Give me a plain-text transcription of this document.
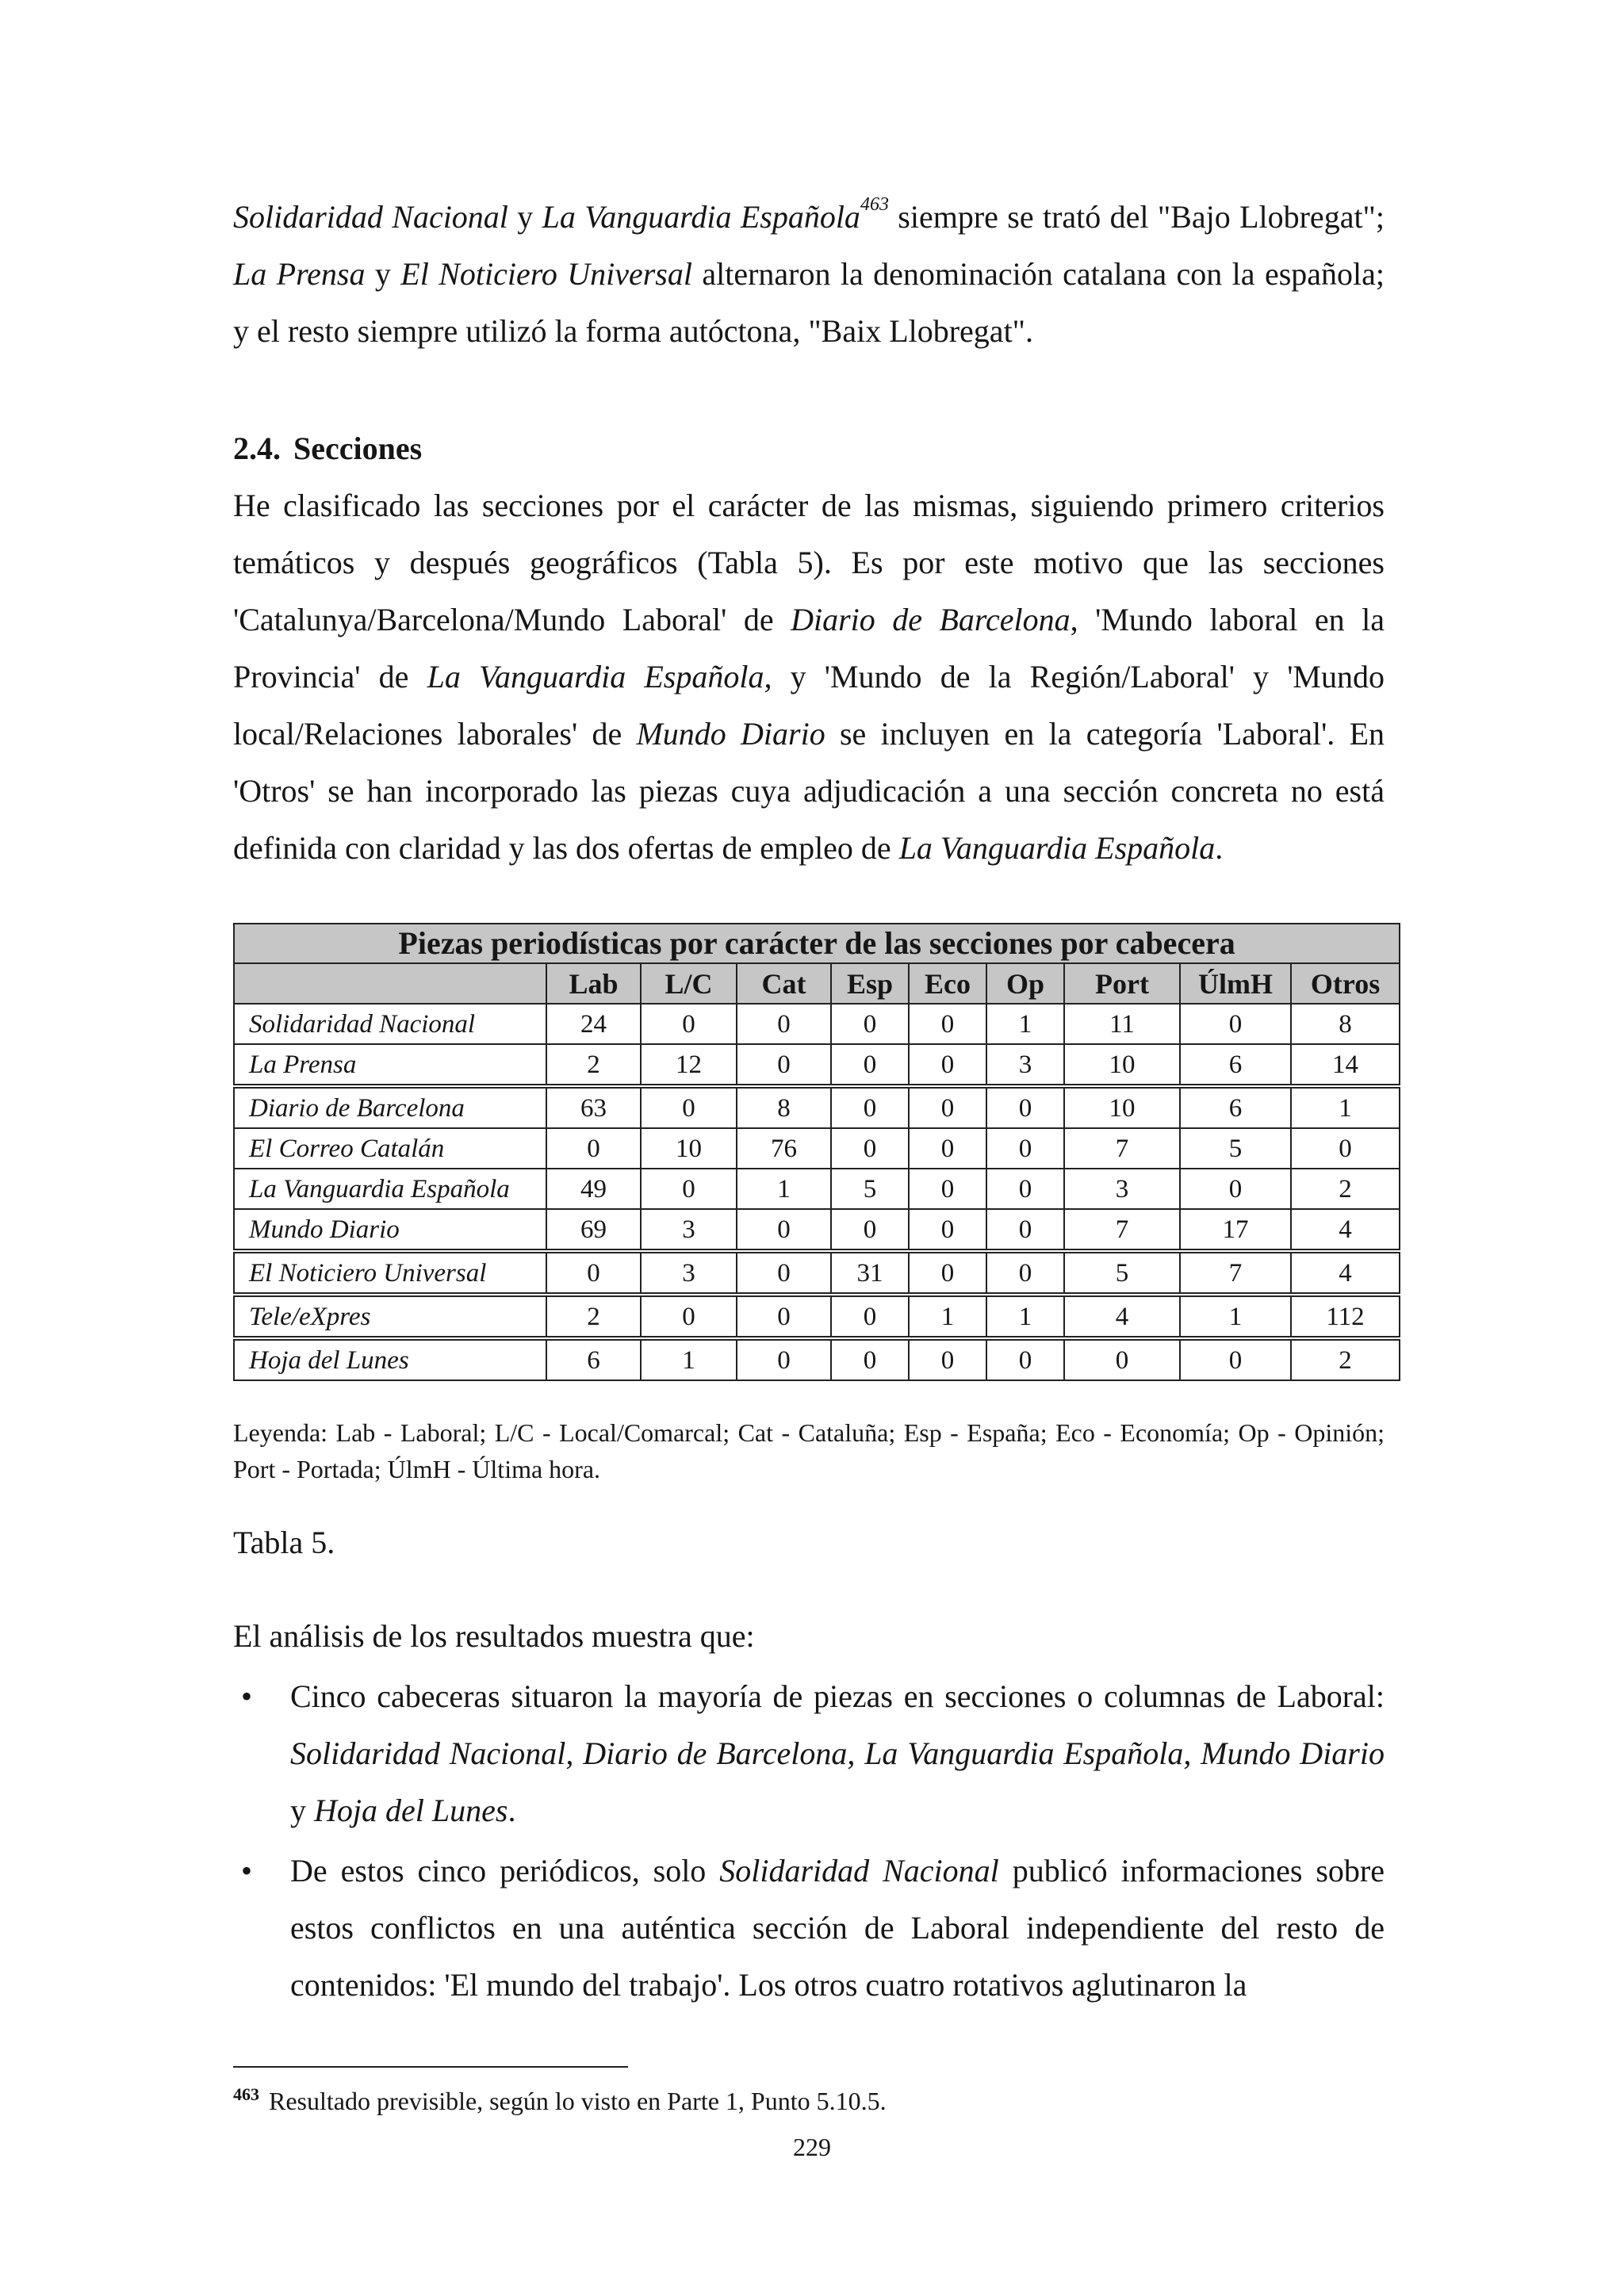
Solidaridad Nacional y La Vanguardia Española$^{463}$ siempre se trató del "Bajo Llobregat"; La Prensa y El Noticiero Universal alternaron la denominación catalana con la española; y el resto siempre utilizó la forma autóctona, "Baix Llobregat".

2.4. Secciones

He clasificado las secciones por el carácter de las mismas, siguiendo primero criterios temáticos y después geográficos (Tabla 5). Es por este motivo que las secciones 'Catalunya/Barcelona/Mundo Laboral' de Diario de Barcelona, 'Mundo laboral en la Provincia' de La Vanguardia Española, y 'Mundo de la Región/Laboral' y 'Mundo local/Relaciones laborales' de Mundo Diario se incluyen en la categoría 'Laboral'. En 'Otros' se han incorporado las piezas cuya adjudicación a una sección concreta no está definida con claridad y las dos ofertas de empleo de La Vanguardia Española.

Piezas periodísticas por carácter de las secciones por cabecera									
	Lab	L/C	Cat	Esp	Eco	Op	Port	ÚlmH	Otros
Solidaridad Nacional	24	0	0	0	0	1	11	0	8
La Prensa	2	12	0	0	0	3	10	6	14
Diario de Barcelona	63	0	8	0	0	0	10	6	1
El Correo Catalán	0	10	76	0	0	0	7	5	0
La Vanguardia Española	49	0	1	5	0	0	3	0	2
Mundo Diario	69	3	0	0	0	0	7	17	4
El Noticiero Universal	0	3	0	31	0	0	5	7	4
Tele/eXpres	2	0	0	0	1	1	4	1	112
Hoja del Lunes	6	1	0	0	0	0	0	0	2

Leyenda: Lab - Laboral; L/C - Local/Comarcal; Cat - Cataluña; Esp - España; Eco - Economía; Op - Opinión; Port - Portada; ÚlmH - Última hora.

Tabla 5.

El análisis de los resultados muestra que:

• Cinco cabeceras situaron la mayoría de piezas en secciones o columnas de Laboral: Solidaridad Nacional, Diario de Barcelona, La Vanguardia Española, Mundo Diario y Hoja del Lunes.
• De estos cinco periódicos, solo Solidaridad Nacional publicó informaciones sobre estos conflictos en una auténtica sección de Laboral independiente del resto de contenidos: 'El mundo del trabajo'. Los otros cuatro rotativos aglutinaron la

$^{463}$ Resultado previsible, según lo visto en Parte 1, Punto 5.10.5.

229
